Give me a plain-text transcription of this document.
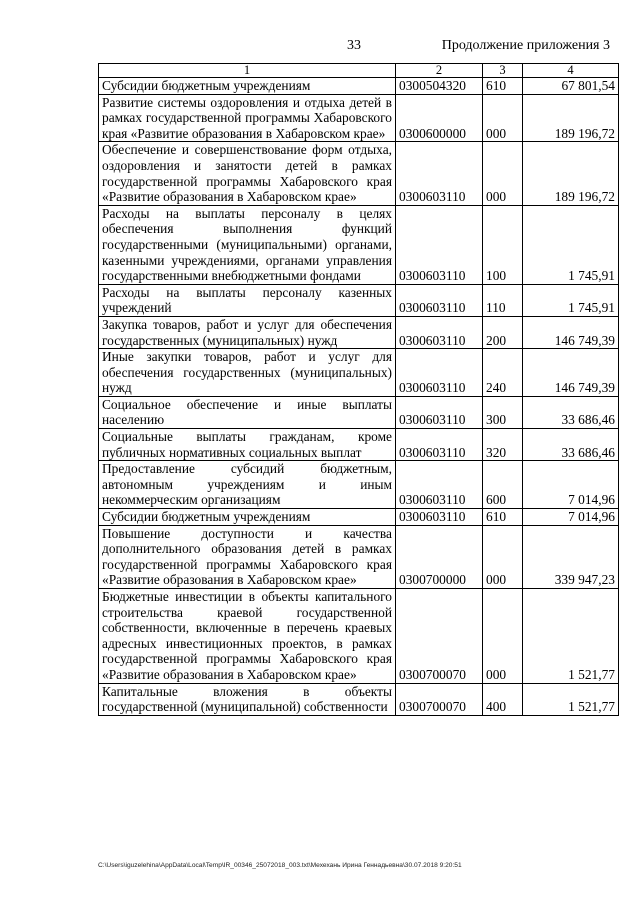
33	Продолжение приложения 3
1	2	3	4
Субсидии бюджетным учреждениям	0300504320	610	67 801,54
Развитие системы оздоровления и отдыха детей в рамках государственной программы Хабаровского края «Развитие образования в Хабаровском крае»	0300600000	000	189 196,72
Обеспечение и совершенствование форм отдыха, оздоровления и занятости детей в рамках государственной программы Хабаровского края «Развитие образования в Хабаровском крае»	0300603110	000	189 196,72
Расходы на выплаты персоналу в целях обеспечения выполнения функций государственными (муниципальными) органами, казенными учреждениями, органами управления государственными внебюджетными фондами	0300603110	100	1 745,91
Расходы на выплаты персоналу казенных учреждений	0300603110	110	1 745,91
Закупка товаров, работ и услуг для обеспечения государственных (муниципальных) нужд	0300603110	200	146 749,39
Иные закупки товаров, работ и услуг для обеспечения государственных (муниципальных) нужд	0300603110	240	146 749,39
Социальное обеспечение и иные выплаты населению	0300603110	300	33 686,46
Социальные выплаты гражданам, кроме публичных нормативных социальных выплат	0300603110	320	33 686,46
Предоставление субсидий бюджетным, автономным учреждениям и иным некоммерческим организациям	0300603110	600	7 014,96
Субсидии бюджетным учреждениям	0300603110	610	7 014,96
Повышение доступности и качества дополнительного образования детей в рамках государственной программы Хабаровского края «Развитие образования в Хабаровском крае»	0300700000	000	339 947,23
Бюджетные инвестиции в объекты капитального строительства краевой государственной собственности, включенные в перечень краевых адресных инвестиционных проектов, в рамках государственной программы Хабаровского края «Развитие образования в Хабаровском крае»	0300700070	000	1 521,77
Капитальные вложения в объекты государственной (муниципальной) собственности	0300700070	400	1 521,77
C:\Users\iguzelehina\AppData\Local\Temp\IR_00346_25072018_003.txt\Мехехань Ирина Геннадьевна\30.07.2018 9:20:51
